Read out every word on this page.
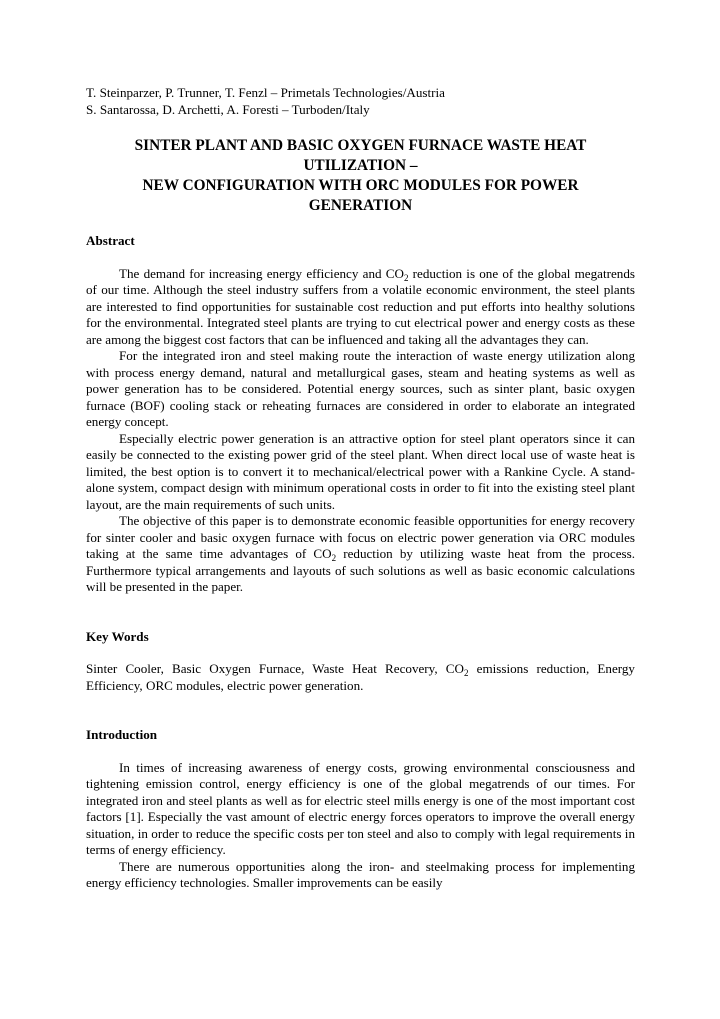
T. Steinparzer, P. Trunner, T. Fenzl – Primetals Technologies/Austria

S. Santarossa, D. Archetti, A. Foresti – Turboden/Italy

SINTER PLANT AND BASIC OXYGEN FURNACE WASTE HEAT
UTILIZATION –
NEW CONFIGURATION WITH ORC MODULES FOR POWER
GENERATION
Abstract

The demand for increasing energy efficiency and $CO_2$ reduction is one of the global megatrends of our time. Although the steel industry suffers from a volatile economic environment, the steel plants are interested to find opportunities for sustainable cost reduction and put efforts into healthy solutions for the environmental. Integrated steel plants are trying to cut electrical power and energy costs as these are among the biggest cost factors that can be influenced and taking all the advantages they can.

For the integrated iron and steel making route the interaction of waste energy utilization along with process energy demand, natural and metallurgical gases, steam and heating systems as well as power generation has to be considered. Potential energy sources, such as sinter plant, basic oxygen furnace (BOF) cooling stack or reheating furnaces are considered in order to elaborate an integrated energy concept.

Especially electric power generation is an attractive option for steel plant operators since it can easily be connected to the existing power grid of the steel plant. When direct local use of waste heat is limited, the best option is to convert it to mechanical/electrical power with a Rankine Cycle. A stand-alone system, compact design with minimum operational costs in order to fit into the existing steel plant layout, are the main requirements of such units.

The objective of this paper is to demonstrate economic feasible opportunities for energy recovery for sinter cooler and basic oxygen furnace with focus on electric power generation via ORC modules taking at the same time advantages of $CO_2$ reduction by utilizing waste heat from the process. Furthermore typical arrangements and layouts of such solutions as well as basic economic calculations will be presented in the paper.

Key Words

Sinter Cooler, Basic Oxygen Furnace, Waste Heat Recovery, $CO_2$ emissions reduction, Energy Efficiency, ORC modules, electric power generation.

Introduction

In times of increasing awareness of energy costs, growing environmental consciousness and tightening emission control, energy efficiency is one of the global megatrends of our times. For integrated iron and steel plants as well as for electric steel mills energy is one of the most important cost factors [1]. Especially the vast amount of electric energy forces operators to improve the overall energy situation, in order to reduce the specific costs per ton steel and also to comply with legal requirements in terms of energy efficiency.

There are numerous opportunities along the iron- and steelmaking process for implementing energy efficiency technologies. Smaller improvements can be easily
